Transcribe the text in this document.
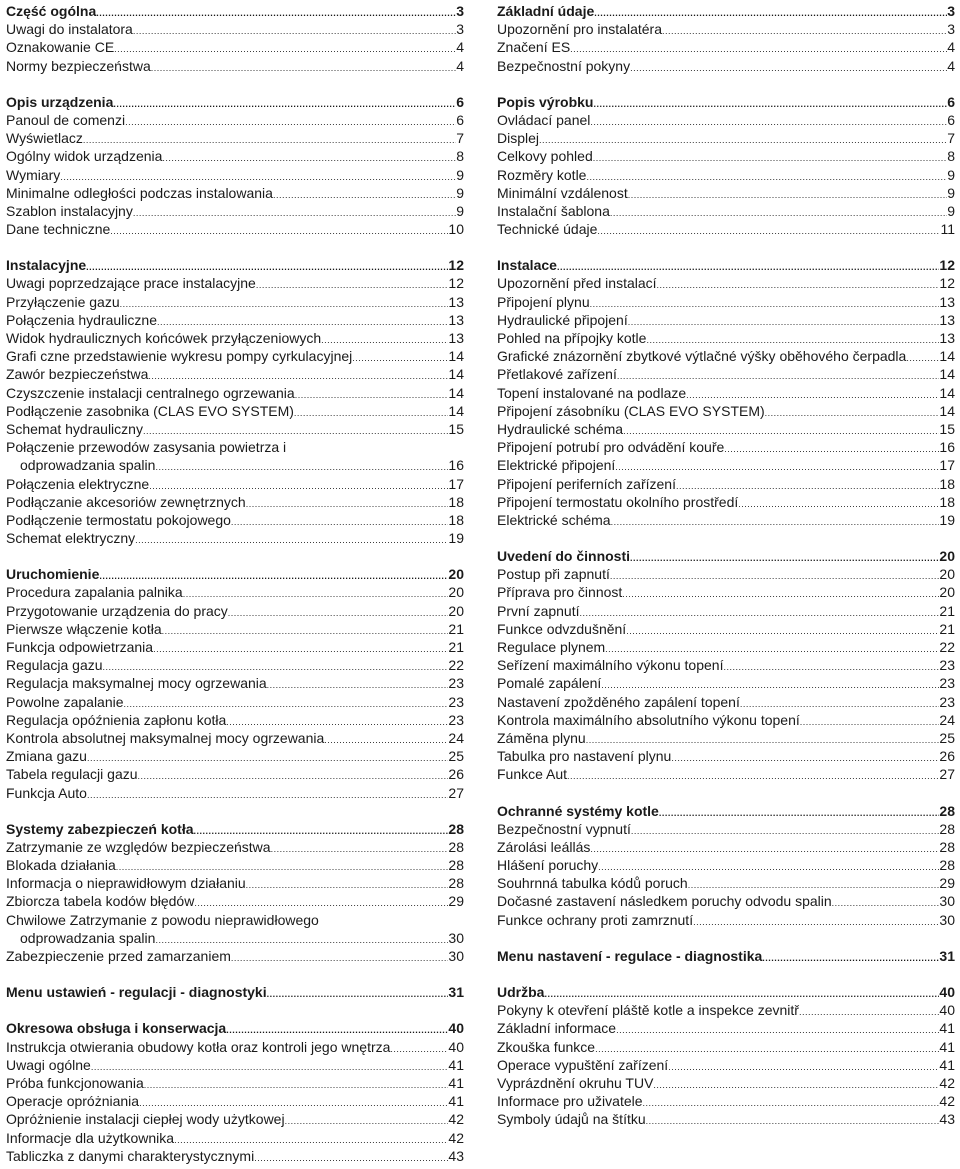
Część ogólna .....	3
Uwagi do instalatora .....	3
Oznakowanie CE .....	4
Normy bezpieczeństwa .....	4
Opis urządzenia .....	6
Panoul de comenzi .....	6
Wyświetlacz .....	7
Ogólny widok urządzenia .....	8
Wymiary .....	9
Minimalne odległości podczas instalowania .....	9
Szablon instalacyjny .....	9
Dane techniczne .....	10
Instalacyjne .....	12
Uwagi poprzedzające prace instalacyjne .....	12
Przyłączenie gazu .....	13
Połączenia hydrauliczne .....	13
Widok hydraulicznych końcówek przyłączeniowych .....	13
Grafi czne przedstawienie wykresu pompy cyrkulacyjnej .....	14
Zawór bezpieczeństwa .....	14
Czyszczenie instalacji centralnego ogrzewania .....	14
Podłączenie zasobnika (CLAS EVO SYSTEM) .....	14
Schemat hydrauliczny .....	15
Połączenie przewodów zasysania powietrza i
odprowadzania spalin .....	16
Połączenia elektryczne .....	17
Podłączanie akcesoriów zewnętrznych .....	18
Podłączenie termostatu pokojowego .....	18
Schemat elektryczny .....	19
Uruchomienie .....	20
Procedura zapalania palnika .....	20
Przygotowanie urządzenia do pracy .....	20
Pierwsze włączenie kotła .....	21
Funkcja odpowietrzania .....	21
Regulacja gazu .....	22
Regulacja maksymalnej mocy ogrzewania .....	23
Powolne zapalanie .....	23
Regulacja opóźnienia zapłonu kotła .....	23
Kontrola absolutnej maksymalnej mocy ogrzewania .....	24
Zmiana gazu .....	25
Tabela regulacji gazu .....	26
Funkcja Auto .....	27
Systemy zabezpieczeń kotła .....	28
Zatrzymanie ze względów bezpieczeństwa .....	28
Blokada działania .....	28
Informacja o nieprawidłowym działaniu .....	28
Zbiorcza tabela kodów błędów .....	29
Chwilowe Zatrzymanie z powodu nieprawidłowego
odprowadzania spalin .....	30
Zabezpieczenie przed zamarzaniem .....	30
Menu ustawień - regulacji - diagnostyki .....	31
Okresowa obsługa i konserwacja .....	40
Instrukcja otwierania obudowy kotła oraz kontroli jego wnętrza .....	40
Uwagi ogólne .....	41
Próba funkcjonowania .....	41
Operacje opróżniania .....	41
Opróżnienie instalacji ciepłej wody użytkowej .....	42
Informacje dla użytkownika .....	42
Tabliczka z danymi charakterystycznymi .....	43
Základní údaje .....	3
Upozornění pro instalatéra .....	3
Značení ES .....	4
Bezpečnostní pokyny .....	4
Popis výrobku .....	6
Ovládací panel .....	6
Displej .....	7
Celkovy pohled .....	8
Rozměry kotle .....	9
Minimální vzdálenost .....	9
Instalační šablona .....	9
Technické údaje .....	11
Instalace .....	12
Upozornění před instalací .....	12
Připojení plynu .....	13
Hydraulické připojení .....	13
Pohled na přípojky kotle .....	13
Grafické znázornění zbytkové výtlačné výšky oběhového čerpadla ..... 14
Přetlakové zařízení .....	14
Topení instalované na podlaze .....	14
Připojení zásobníku (CLAS EVO SYSTEM) .....	14
Hydraulické schéma .....	15
Připojení potrubí pro odvádění kouře .....	16
Elektrické připojení .....	17
Připojení periferních zařízení .....	18
Připojení termostatu okolního prostředí .....	18
Elektrické schéma .....	19
Uvedení do činnosti .....	20
Postup při zapnutí .....	20
Příprava pro činnost .....	20
První zapnutí .....	21
Funkce odvzdušnění .....	21
Regulace plynem .....	22
Seřízení maximálního výkonu topení .....	23
Pomalé zapálení .....	23
Nastavení zpožděného zapálení topení .....	23
Kontrola maximálního absolutního výkonu topení .....	24
Záměna plynu .....	25
Tabulka pro nastavení plynu .....	26
Funkce Aut .....	27
Ochranné systémy kotle .....	28
Bezpečnostní vypnutí .....	28
Zárolási leállás .....	28
Hlášení poruchy .....	28
Souhrnná tabulka kódů poruch .....	29
Dočasné zastavení následkem poruchy odvodu spalin .....	30
Funkce ochrany proti zamrznutí .....	30
Menu nastavení - regulace - diagnostika .....	31
Udržba .....	40
Pokyny k otevření pláště kotle a inspekce zevnitř .....	40
Základní informace .....	41
Zkouška funkce .....	41
Operace vypuštění zařízení .....	41
Vyprázdnění okruhu TUV .....	42
Informace pro uživatele .....	42
Symboly údajů na štítku .....	43
